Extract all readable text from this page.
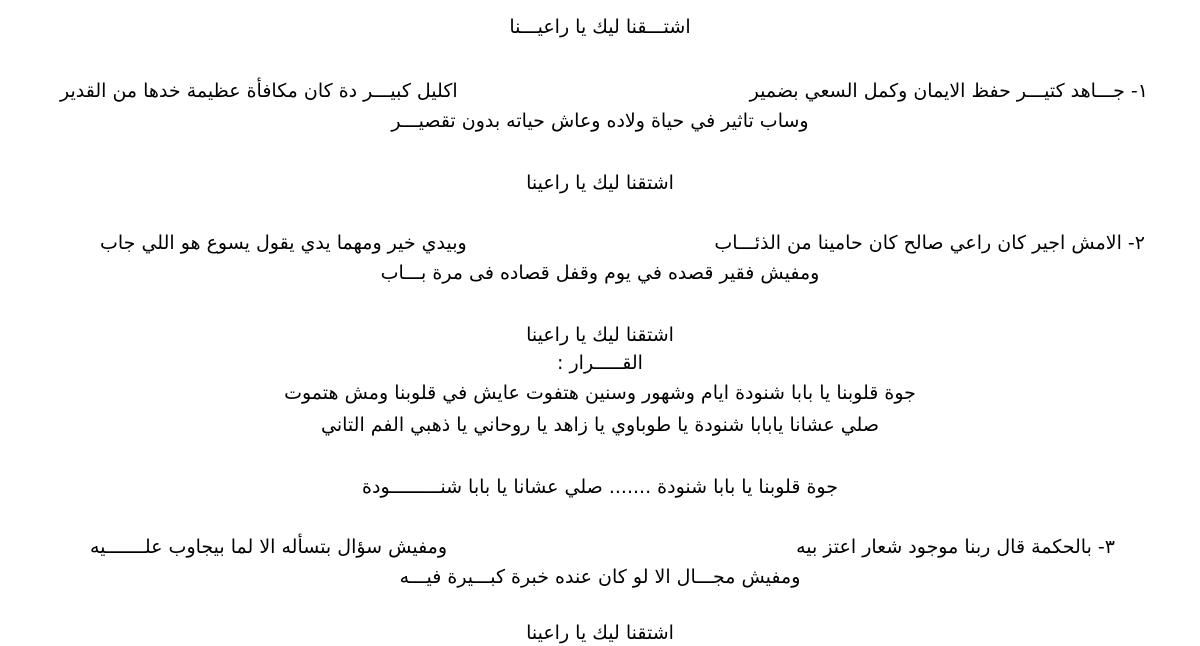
اشتـــقنا ليك يا راعيـــنا
١- جـــاهد كتيـــر حفظ الايمان وكمل السعي بضمير
اكليل كبيـــر دة كان مكافأة عظيمة خدها من القدير
وساب تاثير في حياة ولاده وعاش حياته بدون تقصيـــر
اشتقنا ليك يا راعينا
٢- الامش اجير كان راعي صالح كان حامينا من الذئـــاب
وبيدي خير ومهما يدي يقول يسوع هو اللي جاب
ومفيش فقير قصده في يوم وقفل قصاده فى مرة بـــاب
اشتقنا ليك يا راعينا
القـــــرار :
جوة قلوبنا يا بابا شنودة ايام وشهور وسنين هتفوت عايش في قلوبنا ومش هتموت
صلي عشانا يابابا شنودة يا طوباوي يا زاهد يا روحاني يا ذهبي الفم التاني
جوة قلوبنا يا بابا شنودة ....... صلي عشانا يا بابا شنـــــــــودة
٣- بالحكمة قال ربنا موجود شعار اعتز بيه
ومفيش سؤال بتسأله الا لما بيجاوب علـــــــيه
ومفيش مجـــال الا لو كان عنده خبرة كبـــيرة فيـــه
اشتقنا ليك يا راعينا
